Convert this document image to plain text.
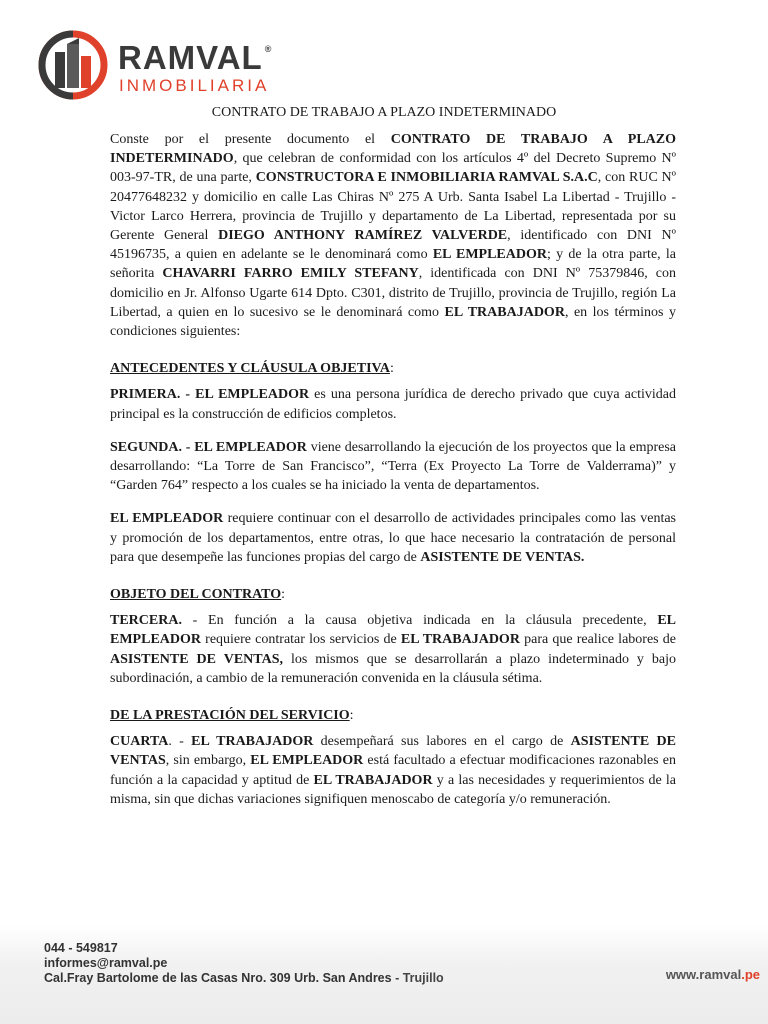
RAMVAL ®
INMOBILIARIA
CONTRATO DE TRABAJO A PLAZO INDETERMINADO

Conste por el presente documento el CONTRATO DE TRABAJO A PLAZO INDETERMINADO, que celebran de conformidad con los artículos 4º del Decreto Supremo Nº 003-97-TR, de una parte, CONSTRUCTORA E INMOBILIARIA RAMVAL S.A.C, con RUC Nº 20477648232 y domicilio en calle Las Chiras Nº 275 A Urb. Santa Isabel La Libertad - Trujillo - Victor Larco Herrera, provincia de Trujillo y departamento de La Libertad, representada por su Gerente General DIEGO ANTHONY RAMÍREZ VALVERDE, identificado con DNI Nº 45196735, a quien en adelante se le denominará como EL EMPLEADOR; y de la otra parte, la señorita CHAVARRI FARRO EMILY STEFANY, identificada con DNI Nº 75379846, con domicilio en Jr. Alfonso Ugarte 614 Dpto. C301, distrito de Trujillo, provincia de Trujillo, región La Libertad, a quien en lo sucesivo se le denominará como EL TRABAJADOR, en los términos y condiciones siguientes:

ANTECEDENTES Y CLÁUSULA OBJETIVA:

PRIMERA. - EL EMPLEADOR es una persona jurídica de derecho privado que cuya actividad principal es la construcción de edificios completos.

SEGUNDA. - EL EMPLEADOR viene desarrollando la ejecución de los proyectos que la empresa desarrollando: “La Torre de San Francisco”, “Terra (Ex Proyecto La Torre de Valderrama)” y “Garden 764” respecto a los cuales se ha iniciado la venta de departamentos.

EL EMPLEADOR requiere continuar con el desarrollo de actividades principales como las ventas y promoción de los departamentos, entre otras, lo que hace necesario la contratación de personal para que desempeñe las funciones propias del cargo de ASISTENTE DE VENTAS.

OBJETO DEL CONTRATO:

TERCERA. - En función a la causa objetiva indicada en la cláusula precedente, EL EMPLEADOR requiere contratar los servicios de EL TRABAJADOR para que realice labores de ASISTENTE DE VENTAS, los mismos que se desarrollarán a plazo indeterminado y bajo subordinación, a cambio de la remuneración convenida en la cláusula sétima.

DE LA PRESTACIÓN DEL SERVICIO:

CUARTA. - EL TRABAJADOR desempeñará sus labores en el cargo de ASISTENTE DE VENTAS, sin embargo, EL EMPLEADOR está facultado a efectuar modificaciones razonables en función a la capacidad y aptitud de EL TRABAJADOR y a las necesidades y requerimientos de la misma, sin que dichas variaciones signifiquen menoscabo de categoría y/o remuneración.

044 - 549817
informes@ramval.pe
Cal.Fray Bartolome de las Casas Nro. 309 Urb. San Andres - Trujillo	www.ramval.pe
